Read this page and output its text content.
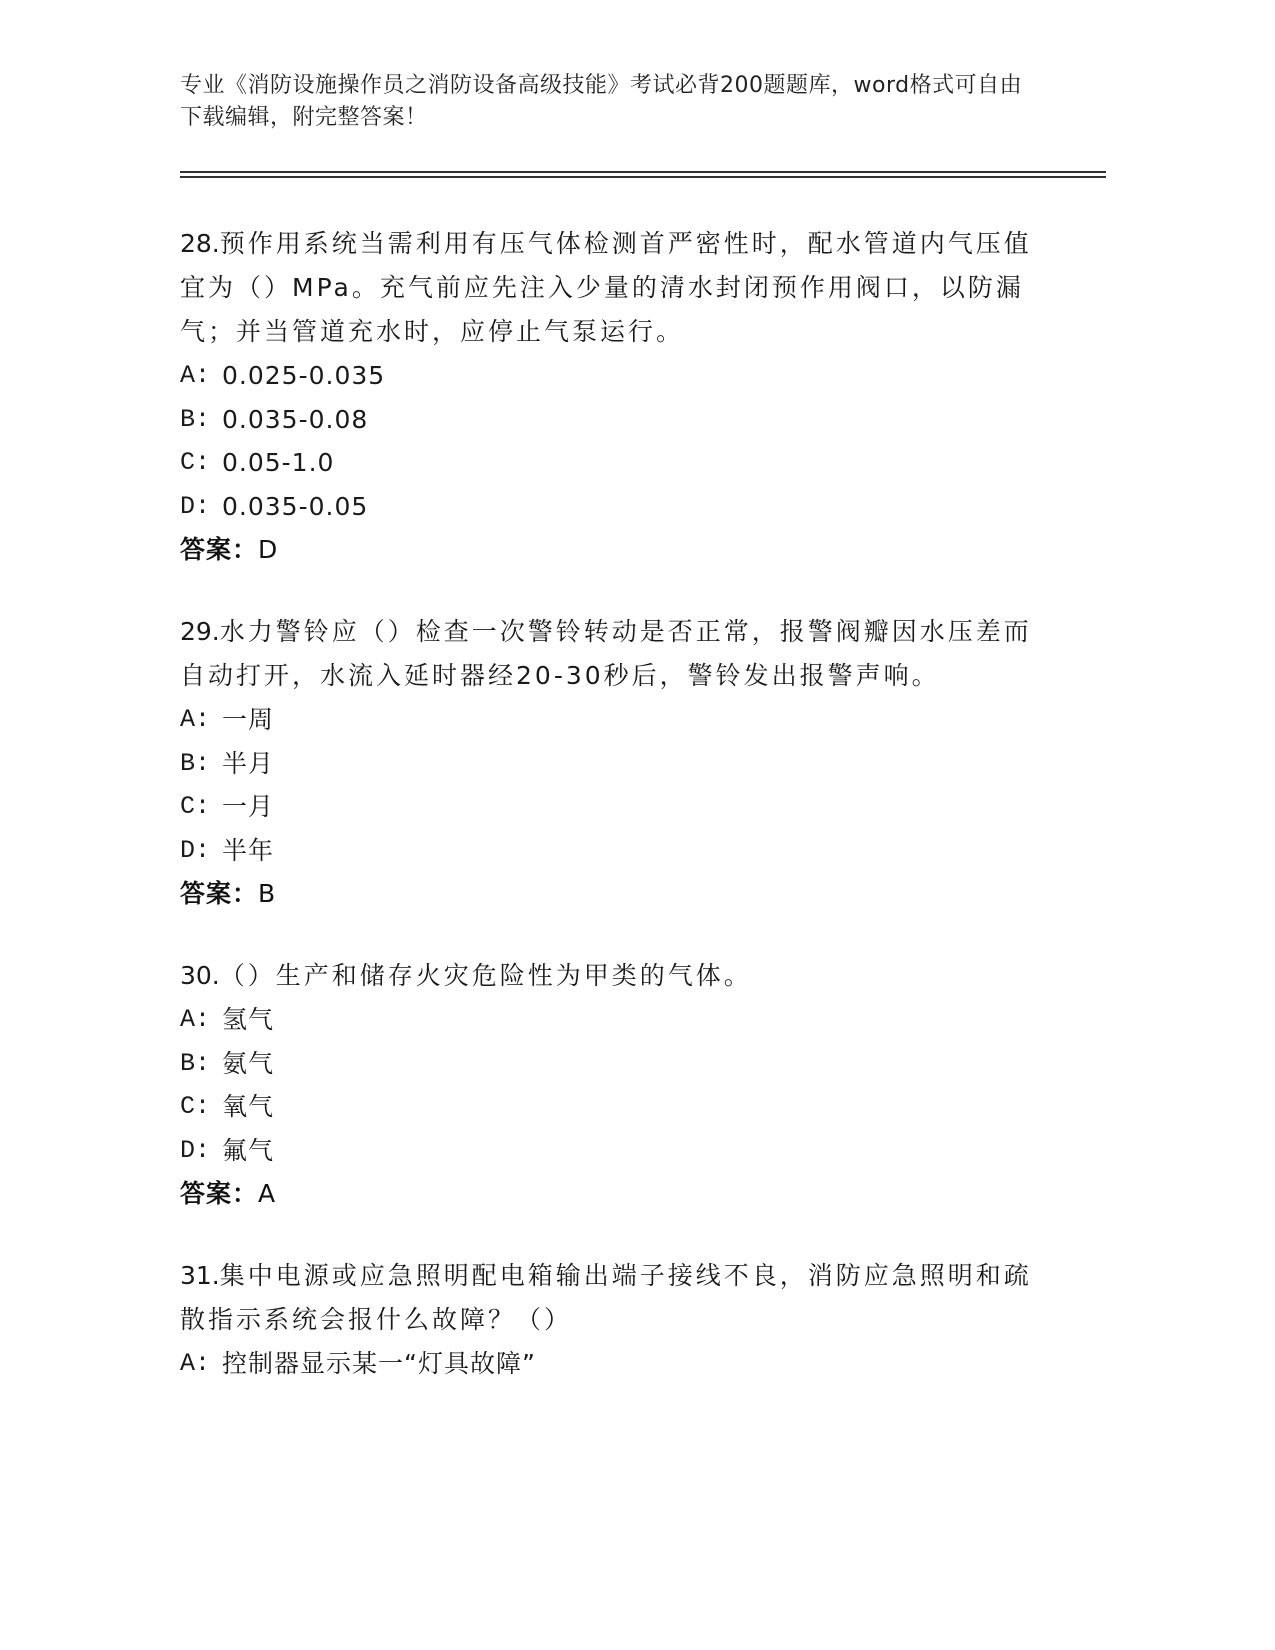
专业《消防设施操作员之消防设备高级技能》考试必背200题题库，word格式可自由下载编辑，附完整答案！

28.预作用系统当需利用有压气体检测首严密性时，配水管道内气压值宜为（）MPa。充气前应先注入少量的清水封闭预作用阀口，以防漏气；并当管道充水时，应停止气泵运行。

A: 0.025-0.035
B: 0.035-0.08
C: 0.05-1.0
D: 0.035-0.05
答案：D

29.水力警铃应（）检查一次警铃转动是否正常，报警阀瓣因水压差而自动打开，水流入延时器经20-30秒后，警铃发出报警声响。

A: 一周
B: 半月
C: 一月
D: 半年
答案：B

30.（）生产和储存火灾危险性为甲类的气体。

A: 氢气
B: 氨气
C: 氧气
D: 氟气
答案：A

31.集中电源或应急照明配电箱输出端子接线不良，消防应急照明和疏散指示系统会报什么故障？（）

A: 控制器显示某一“灯具故障”
